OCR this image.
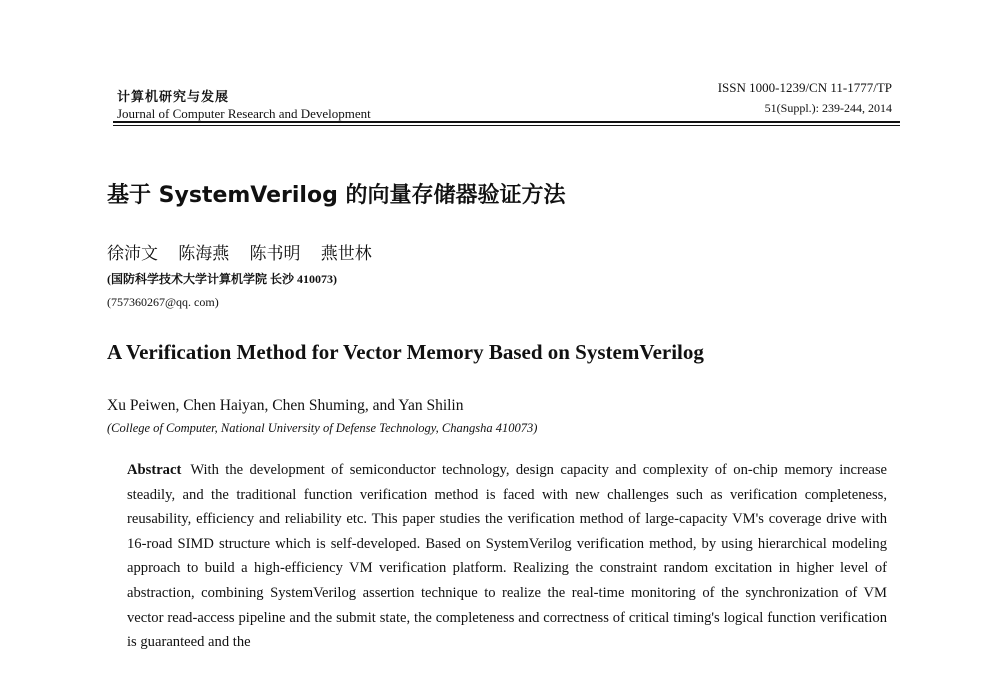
计算机研究与发展
Journal of Computer Research and Development
ISSN 1000-1239/CN 11-1777/TP
51(Suppl.): 239-244, 2014
基于 SystemVerilog 的向量存储器验证方法
徐沛文 陈海燕 陈书明 燕世林
(国防科学技术大学计算机学院 长沙 410073)
(757360267@qq. com)
A Verification Method for Vector Memory Based on SystemVerilog
Xu Peiwen, Chen Haiyan, Chen Shuming, and Yan Shilin
(College of Computer, National University of Defense Technology, Changsha 410073)

Abstract With the development of semiconductor technology, design capacity and complexity of on-chip memory increase steadily, and the traditional function verification method is faced with new challenges such as verification completeness, reusability, efficiency and reliability etc. This paper studies the verification method of large-capacity VM's coverage drive with 16-road SIMD structure which is self-developed. Based on SystemVerilog verification method, by using hierarchical modeling approach to build a high-efficiency VM verification platform. Realizing the constraint random excitation in higher level of abstraction, combining SystemVerilog assertion technique to realize the real-time monitoring of the synchronization of VM vector read-access pipeline and the submit state, the completeness and correctness of critical timing's logical function verification is guaranteed and the
